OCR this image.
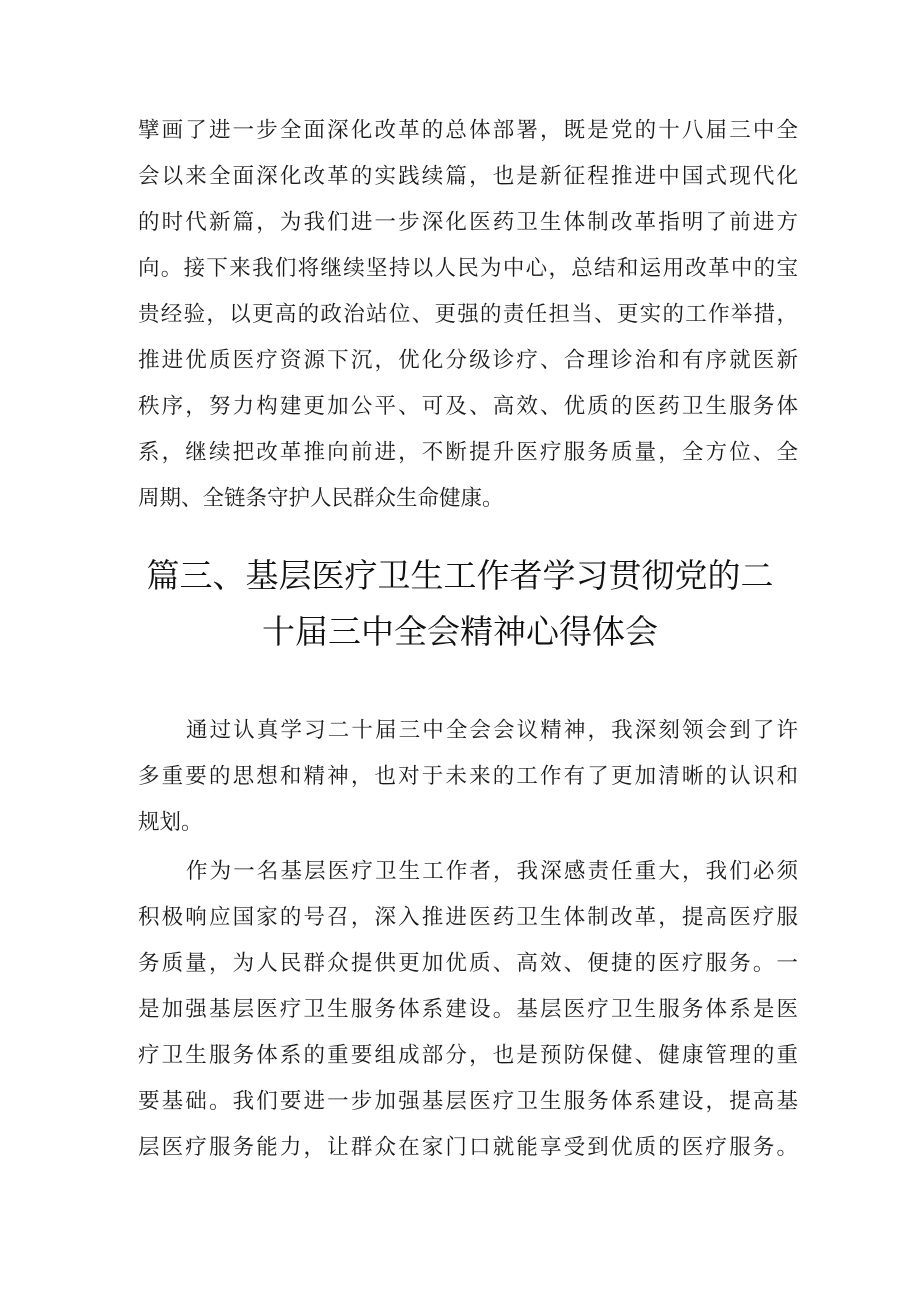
擘画了进一步全面深化改革的总体部署，既是党的十八届三中全
会以来全面深化改革的实践续篇，也是新征程推进中国式现代化
的时代新篇，为我们进一步深化医药卫生体制改革指明了前进方
向。接下来我们将继续坚持以人民为中心，总结和运用改革中的宝
贵经验，以更高的政治站位、更强的责任担当、更实的工作举措，
推进优质医疗资源下沉，优化分级诊疗、合理诊治和有序就医新
秩序，努力构建更加公平、可及、高效、优质的医药卫生服务体
系，继续把改革推向前进，不断提升医疗服务质量，全方位、全
周期、全链条守护人民群众生命健康。
篇三、基层医疗卫生工作者学习贯彻党的二
十届三中全会精神心得体会
通过认真学习二十届三中全会会议精神，我深刻领会到了许
多重要的思想和精神，也对于未来的工作有了更加清晰的认识和
规划。
作为一名基层医疗卫生工作者，我深感责任重大，我们必须
积极响应国家的号召，深入推进医药卫生体制改革，提高医疗服
务质量，为人民群众提供更加优质、高效、便捷的医疗服务。一
是加强基层医疗卫生服务体系建设。基层医疗卫生服务体系是医
疗卫生服务体系的重要组成部分，也是预防保健、健康管理的重
要基础。我们要进一步加强基层医疗卫生服务体系建设，提高基
层医疗服务能力，让群众在家门口就能享受到优质的医疗服务。
